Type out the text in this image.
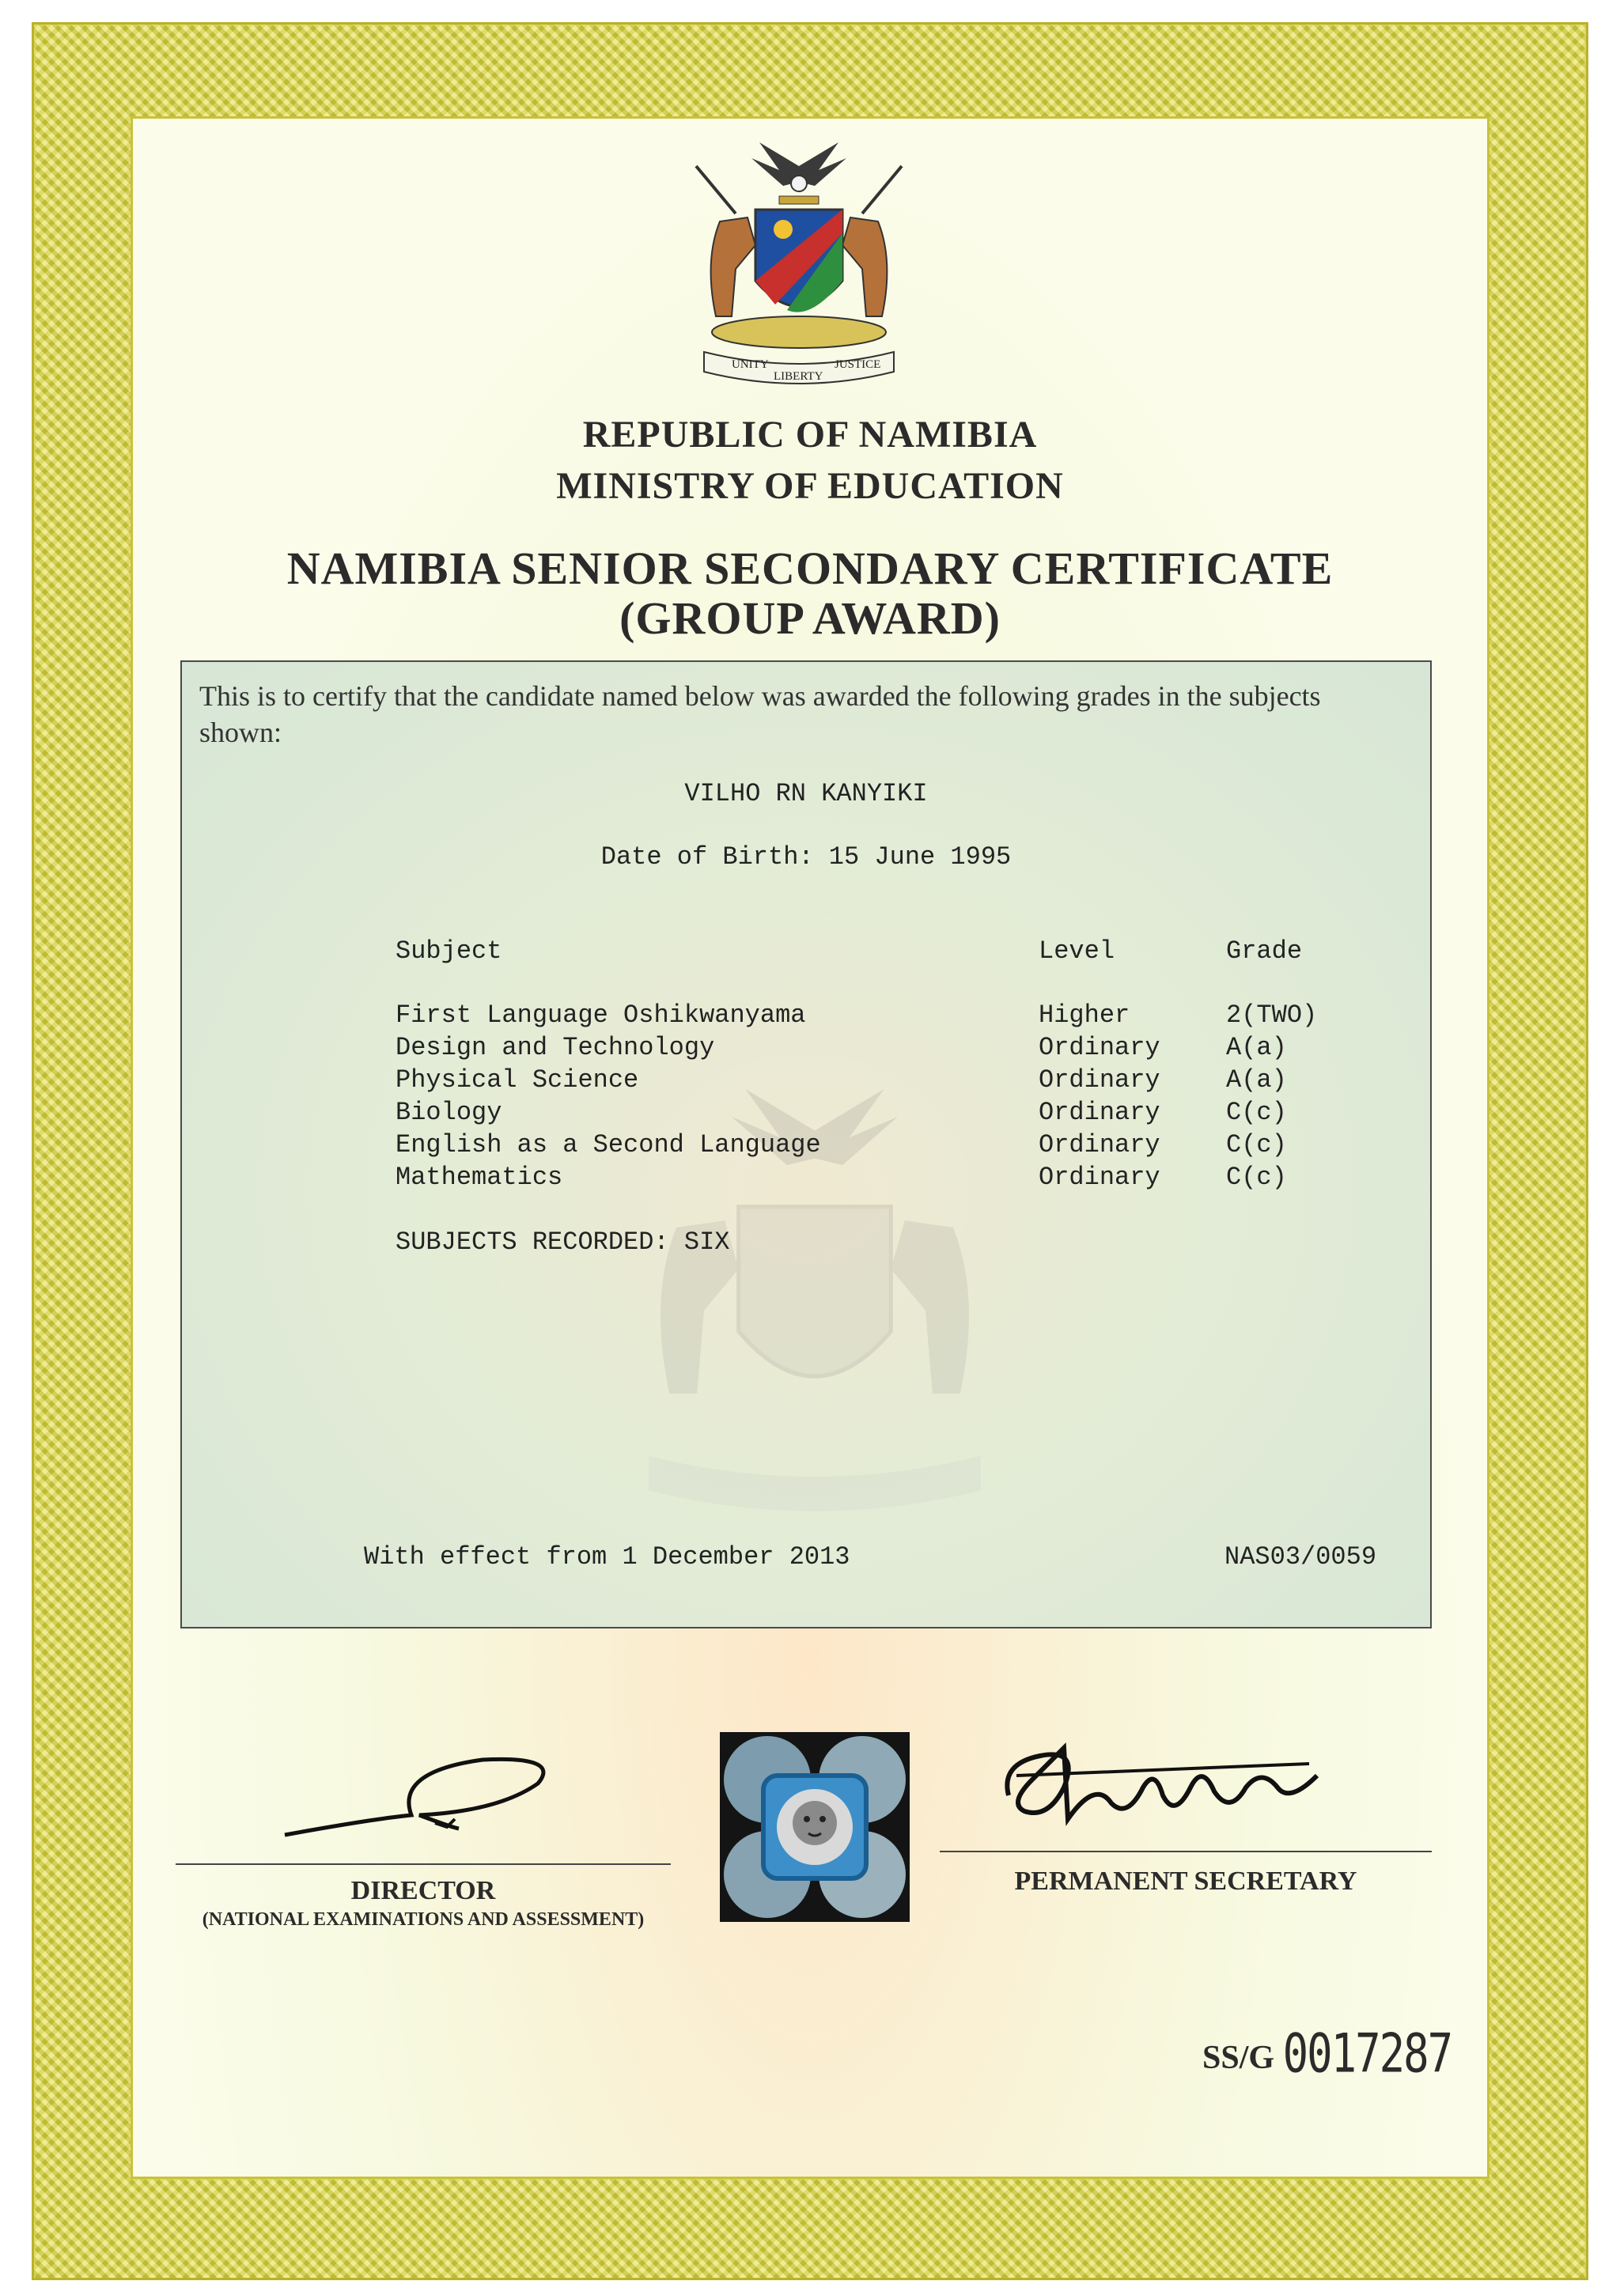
UNITY
LIBERTY
JUSTICE
REPUBLIC OF NAMIBIA
MINISTRY OF EDUCATION
NAMIBIA SENIOR SECONDARY CERTIFICATE
(GROUP AWARD)
This is to certify that the candidate named below was awarded the following grades in the subjects shown:
VILHO RN KANYIKI
Date of Birth: 15 June 1995
Subject	Level	Grade
First Language Oshikwanyama	Higher	2(TWO)
Design and Technology	Ordinary	A(a)
Physical Science	Ordinary	A(a)
Biology	Ordinary	C(c)
English as a Second Language	Ordinary	C(c)
Mathematics	Ordinary	C(c)
SUBJECTS RECORDED: SIX
With effect from 1 December 2013	NAS03/0059
DIRECTOR
(NATIONAL EXAMINATIONS AND ASSESSMENT)
PERMANENT SECRETARY
SS/G 0017287
